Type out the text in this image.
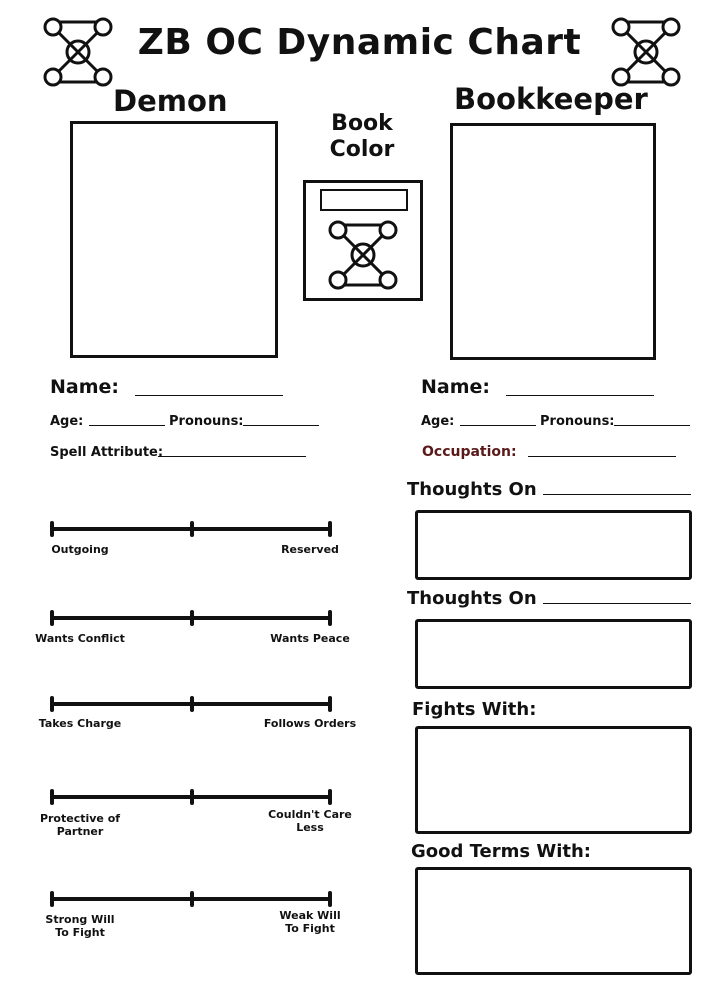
ZB OC Dynamic Chart
Demon
Book Color
Bookkeeper
Name:
Age:	Pronouns:
Spell Attribute:
Name:
Age:	Pronouns:
Occupation:
Outgoing	Reserved
Wants Conflict	Wants Peace
Takes Charge	Follows Orders
Protective of
Partner
Couldn't Care
Less
Strong Will
To Fight
Weak Will
To Fight
Thoughts On
Thoughts On
Fights With:
Good Terms With:
